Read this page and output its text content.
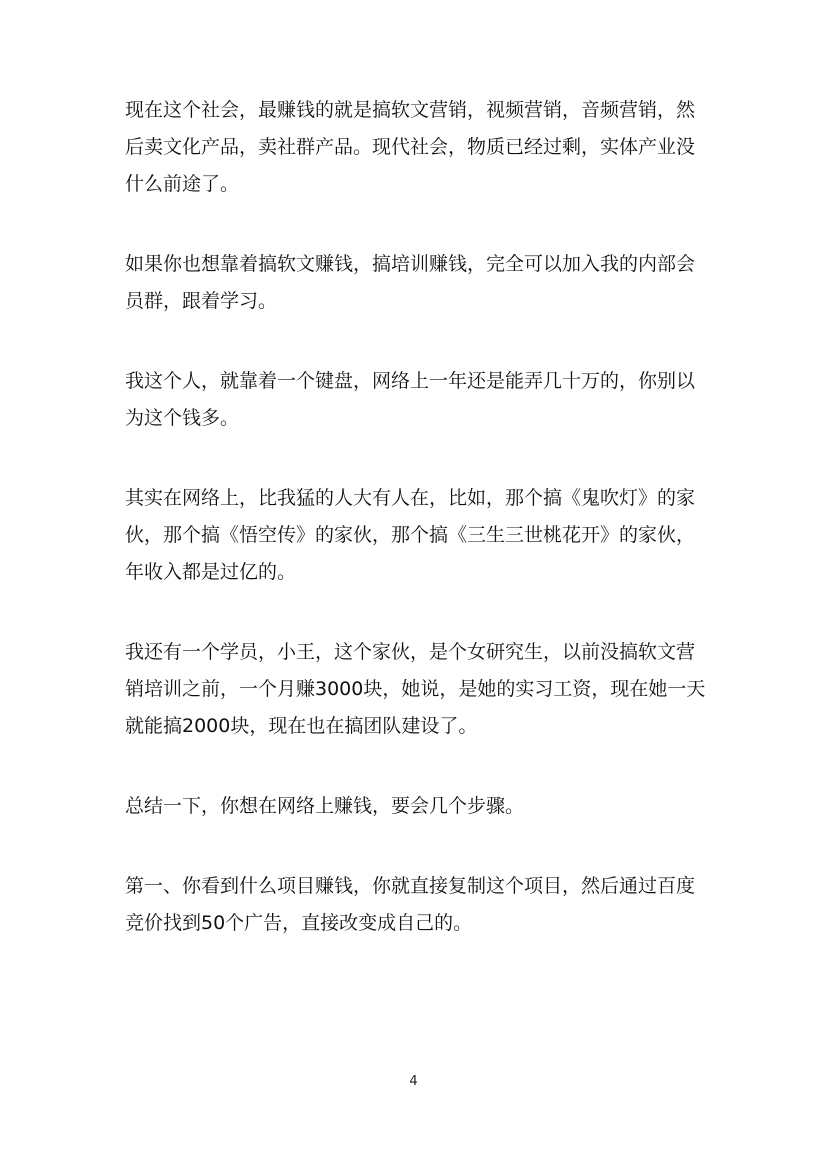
现在这个社会，最赚钱的就是搞软文营销，视频营销，音频营销，然后卖文化产品，卖社群产品。现代社会，物质已经过剩，实体产业没什么前途了。

如果你也想靠着搞软文赚钱，搞培训赚钱，完全可以加入我的内部会员群，跟着学习。

我这个人，就靠着一个键盘，网络上一年还是能弄几十万的，你别以为这个钱多。

其实在网络上，比我猛的人大有人在，比如，那个搞《鬼吹灯》的家伙，那个搞《悟空传》的家伙，那个搞《三生三世桃花开》的家伙，年收入都是过亿的。

我还有一个学员，小王，这个家伙，是个女研究生，以前没搞软文营销培训之前，一个月赚3000块，她说，是她的实习工资，现在她一天就能搞2000块，现在也在搞团队建设了。

总结一下，你想在网络上赚钱，要会几个步骤。

第一、你看到什么项目赚钱，你就直接复制这个项目，然后通过百度竞价找到50个广告，直接改变成自己的。

4
